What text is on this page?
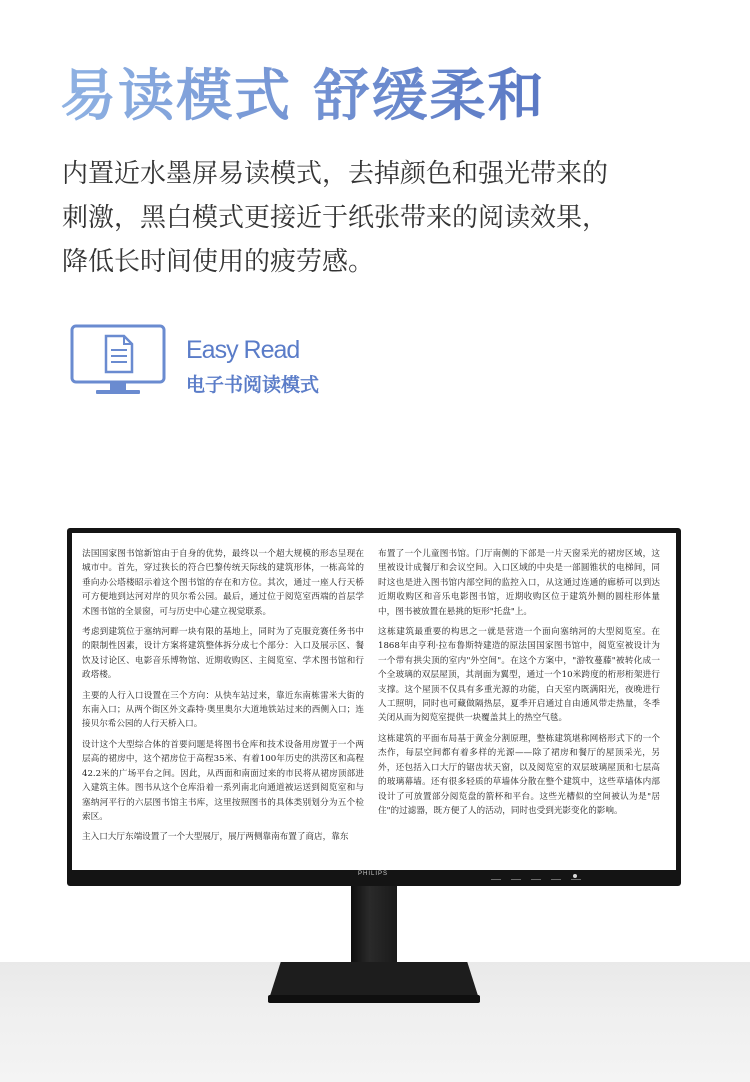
易读模式 舒缓柔和
内置近水墨屏易读模式，去掉颜色和强光带来的
刺激，黑白模式更接近于纸张带来的阅读效果，
降低长时间使用的疲劳感。
Easy Read
电子书阅读模式

法国国家图书馆新馆由于自身的优势，最终以一个超大规模的形态呈现在城市中。首先，穿过狭长的符合巴黎传统天际线的建筑形体，一栋高耸的垂向办公塔楼昭示着这个图书馆的存在和方位。其次，通过一座人行天桥可方便地到达河对岸的贝尔希公园。最后，通过位于阅览室西端的首层学术图书馆的全景窗，可与历史中心建立视觉联系。

考虑到建筑位于塞纳河畔一块有限的基地上，同时为了克服竞赛任务书中的限制性因素，设计方案将建筑整体拆分成七个部分：入口及展示区、餐饮及讨论区、电影音乐博物馆、近期收购区、主阅览室、学术图书馆和行政塔楼。

主要的人行入口设置在三个方向：从快车站过来，靠近东南栋雷米大街的东南入口；从两个街区外文森特·奥里奥尔大道地铁站过来的西侧入口；连接贝尔希公园的人行天桥入口。

设计这个大型综合体的首要问题是将图书仓库和技术设备用房置于一个两层高的裙房中，这个裙房位于高程35米、有着100年历史的洪涝区和高程42.2米的广场平台之间。因此，从西面和南面过来的市民将从裙房顶部进入建筑主体。图书从这个仓库沿着一系列南北向通道被运送到阅览室和与塞纳河平行的六层图书馆主书库，这里按照图书的具体类别划分为五个检索区。

主入口大厅东端设置了一个大型展厅，展厅两侧靠南布置了商店，靠东

布置了一个儿童图书馆。门厅南侧的下部是一片天窗采光的裙房区域，这里被设计成餐厅和会议空间。入口区域的中央是一部圆锥状的电梯间，同时这也是进入图书馆内部空间的监控入口，从这通过连通的廊桥可以到达近期收购区和音乐电影图书馆，近期收购区位于建筑外侧的圆柱形体量中，图书被放置在悬挑的矩形"托盘"上。

这栋建筑最重要的构思之一就是营造一个面向塞纳河的大型阅览室。在1868年由亨利·拉布鲁斯特建造的原法国国家图书馆中，阅览室被设计为一个带有拱尖顶的室内"外空间"。在这个方案中，"游牧蔓藤"被转化成一个全玻璃的双层屋顶，其剖面为翼型，通过一个10米跨度的桁形桁架进行支撑。这个屋顶不仅具有多重光源的功能，白天室内既满阳光，夜晚进行人工照明，同时也可藏做隔热层，夏季开启通过自由通风带走热量，冬季关闭从而为阅览室提供一块覆盖其上的热空气毯。

这栋建筑的平面布局基于黄金分割原理，整栋建筑堪称网格形式下的一个杰作，每层空间都有着多样的光源——除了裙房和餐厅的屋顶采光，另外，还包括入口大厅的锯齿状天窗，以及阅览室的双层玻璃屋顶和七层高的玻璃幕墙。还有很多轻质的草墙体分散在整个建筑中，这些草墙体内部设计了可放置部分阅览盘的箭杯和平台。这些光槽似的空间被认为是"居住"的过滤器，既方便了人的活动，同时也受到光影变化的影响。

PHILIPS
